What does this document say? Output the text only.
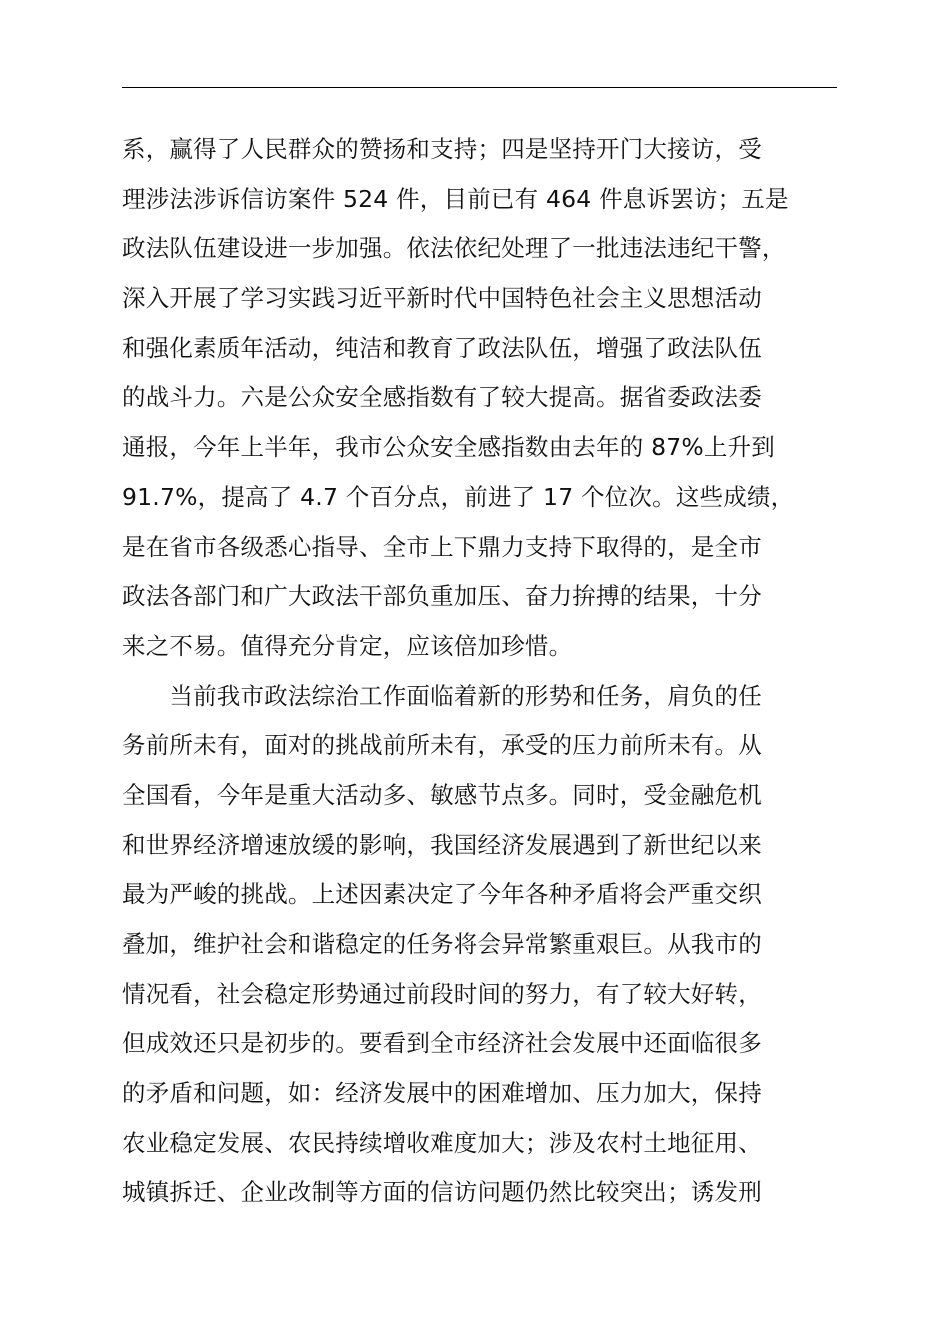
系，赢得了人民群众的赞扬和支持；四是坚持开门大接访，受
理涉法涉诉信访案件 524 件，目前已有 464 件息诉罢访；五是
政法队伍建设进一步加强。依法依纪处理了一批违法违纪干警，
深入开展了学习实践习近平新时代中国特色社会主义思想活动
和强化素质年活动，纯洁和教育了政法队伍，增强了政法队伍
的战斗力。六是公众安全感指数有了较大提高。据省委政法委
通报，今年上半年，我市公众安全感指数由去年的 87%上升到
91.7%，提高了 4.7 个百分点，前进了 17 个位次。这些成绩，
是在省市各级悉心指导、全市上下鼎力支持下取得的，是全市
政法各部门和广大政法干部负重加压、奋力拚搏的结果，十分
来之不易。值得充分肯定，应该倍加珍惜。
　　当前我市政法综治工作面临着新的形势和任务，肩负的任
务前所未有，面对的挑战前所未有，承受的压力前所未有。从
全国看，今年是重大活动多、敏感节点多。同时，受金融危机
和世界经济增速放缓的影响，我国经济发展遇到了新世纪以来
最为严峻的挑战。上述因素决定了今年各种矛盾将会严重交织
叠加，维护社会和谐稳定的任务将会异常繁重艰巨。从我市的
情况看，社会稳定形势通过前段时间的努力，有了较大好转，
但成效还只是初步的。要看到全市经济社会发展中还面临很多
的矛盾和问题，如：经济发展中的困难增加、压力加大，保持
农业稳定发展、农民持续增收难度加大；涉及农村土地征用、
城镇拆迁、企业改制等方面的信访问题仍然比较突出；诱发刑
